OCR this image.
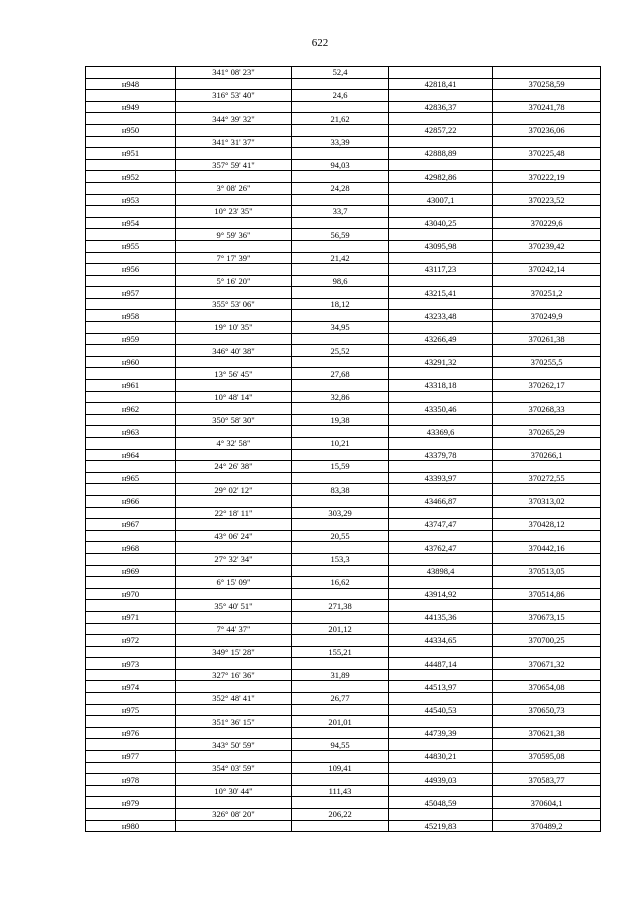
622
	341° 08' 23"	52,4		
н948			42818,41	370258,59
	316° 53' 40"	24,6		
н949			42836,37	370241,78
	344° 39' 32"	21,62		
н950			42857,22	370236,06
	341° 31' 37"	33,39		
н951			42888,89	370225,48
	357° 59' 41"	94,03		
н952			42982,86	370222,19
	3° 08' 26"	24,28		
н953			43007,1	370223,52
	10° 23' 35"	33,7		
н954			43040,25	370229,6
	9° 59' 36"	56,59		
н955			43095,98	370239,42
	7° 17' 39"	21,42		
н956			43117,23	370242,14
	5° 16' 20"	98,6		
н957			43215,41	370251,2
	355° 53' 06"	18,12		
н958			43233,48	370249,9
	19° 10' 35"	34,95		
н959			43266,49	370261,38
	346° 40' 38"	25,52		
н960			43291,32	370255,5
	13° 56' 45"	27,68		
н961			43318,18	370262,17
	10° 48' 14"	32,86		
н962			43350,46	370268,33
	350° 58' 30"	19,38		
н963			43369,6	370265,29
	4° 32' 58"	10,21		
н964			43379,78	370266,1
	24° 26' 38"	15,59		
н965			43393,97	370272,55
	29° 02' 12"	83,38		
н966			43466,87	370313,02
	22° 18' 11"	303,29		
н967			43747,47	370428,12
	43° 06' 24"	20,55		
н968			43762,47	370442,16
	27° 32' 34"	153,3		
н969			43898,4	370513,05
	6° 15' 09"	16,62		
н970			43914,92	370514,86
	35° 40' 51"	271,38		
н971			44135,36	370673,15
	7° 44' 37"	201,12		
н972			44334,65	370700,25
	349° 15' 28"	155,21		
н973			44487,14	370671,32
	327° 16' 36"	31,89		
н974			44513,97	370654,08
	352° 48' 41"	26,77		
н975			44540,53	370650,73
	351° 36' 15"	201,01		
н976			44739,39	370621,38
	343° 50' 59"	94,55		
н977			44830,21	370595,08
	354° 03' 59"	109,41		
н978			44939,03	370583,77
	10° 30' 44"	111,43		
н979			45048,59	370604,1
	326° 08' 20"	206,22		
н980			45219,83	370489,2
